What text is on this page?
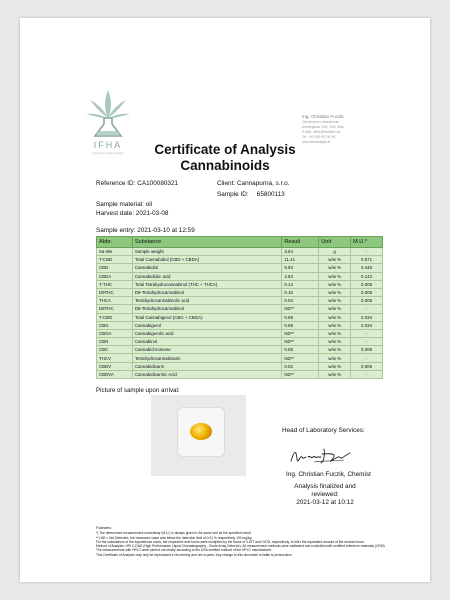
IFHA
Institute for Hemp Analytics
Ing. Christian Fuczik
Chemisches Laboratorium
Dernergasse 2/40, 1120 Wien
E-Mail: office@hanflabor.at
Tel.: +43 699 927 60 63
www.hanfanalytik.at
Certificate of Analysis
Cannabinoids
Reference ID: CA100080321	Client: Cannapurna, s.r.o.
Sample ID: 65800113
Sample material: oil
Harvest date: 2021-03-08
Sample entry: 2021-03-10 at 12:59
Abbr.	Substance	Result	Unit	M.U.*
Sa-We	Sample weight	3.64	g	-
T-CBD	Total Cannabidiol (CBD + CBDA)	11.41	w/w %	0.571
CBD	Cannabidiol	8.93	w/w %	0.446
CBDA	Cannabidiolic acid	2.83	w/w %	0.142
T-THC	Total Tetrahydrocannabinol (THC + THCA)	0.14	w/w %	0.005
D9THC	D9-Tetrahydrocannabinol	0.10	w/w %	0.005
THCA	Tetrahydrocannabinolic acid	0.04	w/w %	0.005
D8THC	D8-Tetrahydrocannabinol	ND**	w/w %	-
T-CBG	Total Cannabigerol (CBG + CBGA)	0.69	w/w %	0.034
CBG	Cannabigerol	0.69	w/w %	0.034
CBGA	Cannabigerolic acid	ND**	w/w %	-
CBN	Cannabinol	ND**	w/w %	-
CBC	Cannabichromene	0.08	w/w %	0.005
THCV	Tetrahydrocannabivarin	ND**	w/w %	-
CBDV	Cannabidivarin	0.02	w/w %	0.005
CBDVA	Cannabidivarinic Acid	ND**	w/w %	-
Picture of sample upon arrival:
Head of Laboratory Services:
Ing. Christian Fuczik, Chemist
Analysis finalized and reviewed:
2021-03-12 at 10:12
Footnotes:
*) The determined measurement uncertainty (M.U.) is always given in the same unit as the specified result.
**) ND = Not Detected, the measured value was below the detection limit of 0.01 % respectively 100 mg/kg.
For the calculations of the equivalence sums, the respective acid forms were multiplied by the factor of 0.877 and 0.878, respectively, to infer the equivalent amount of the neutral forms.
Method of Analysis: HPLC-DAD (High Performance Liquid Chromatography - Diode Array Detector). All measurement methods were calibrated and controlled with certified reference materials (CRM). The measurements with HPLC were carried out strictly according to the USA certified method of the HPLC manufacturer.
This Certificate of Analysis may only be reproduced in its entirety and not in parts. Any change to this document is liable to prosecution
